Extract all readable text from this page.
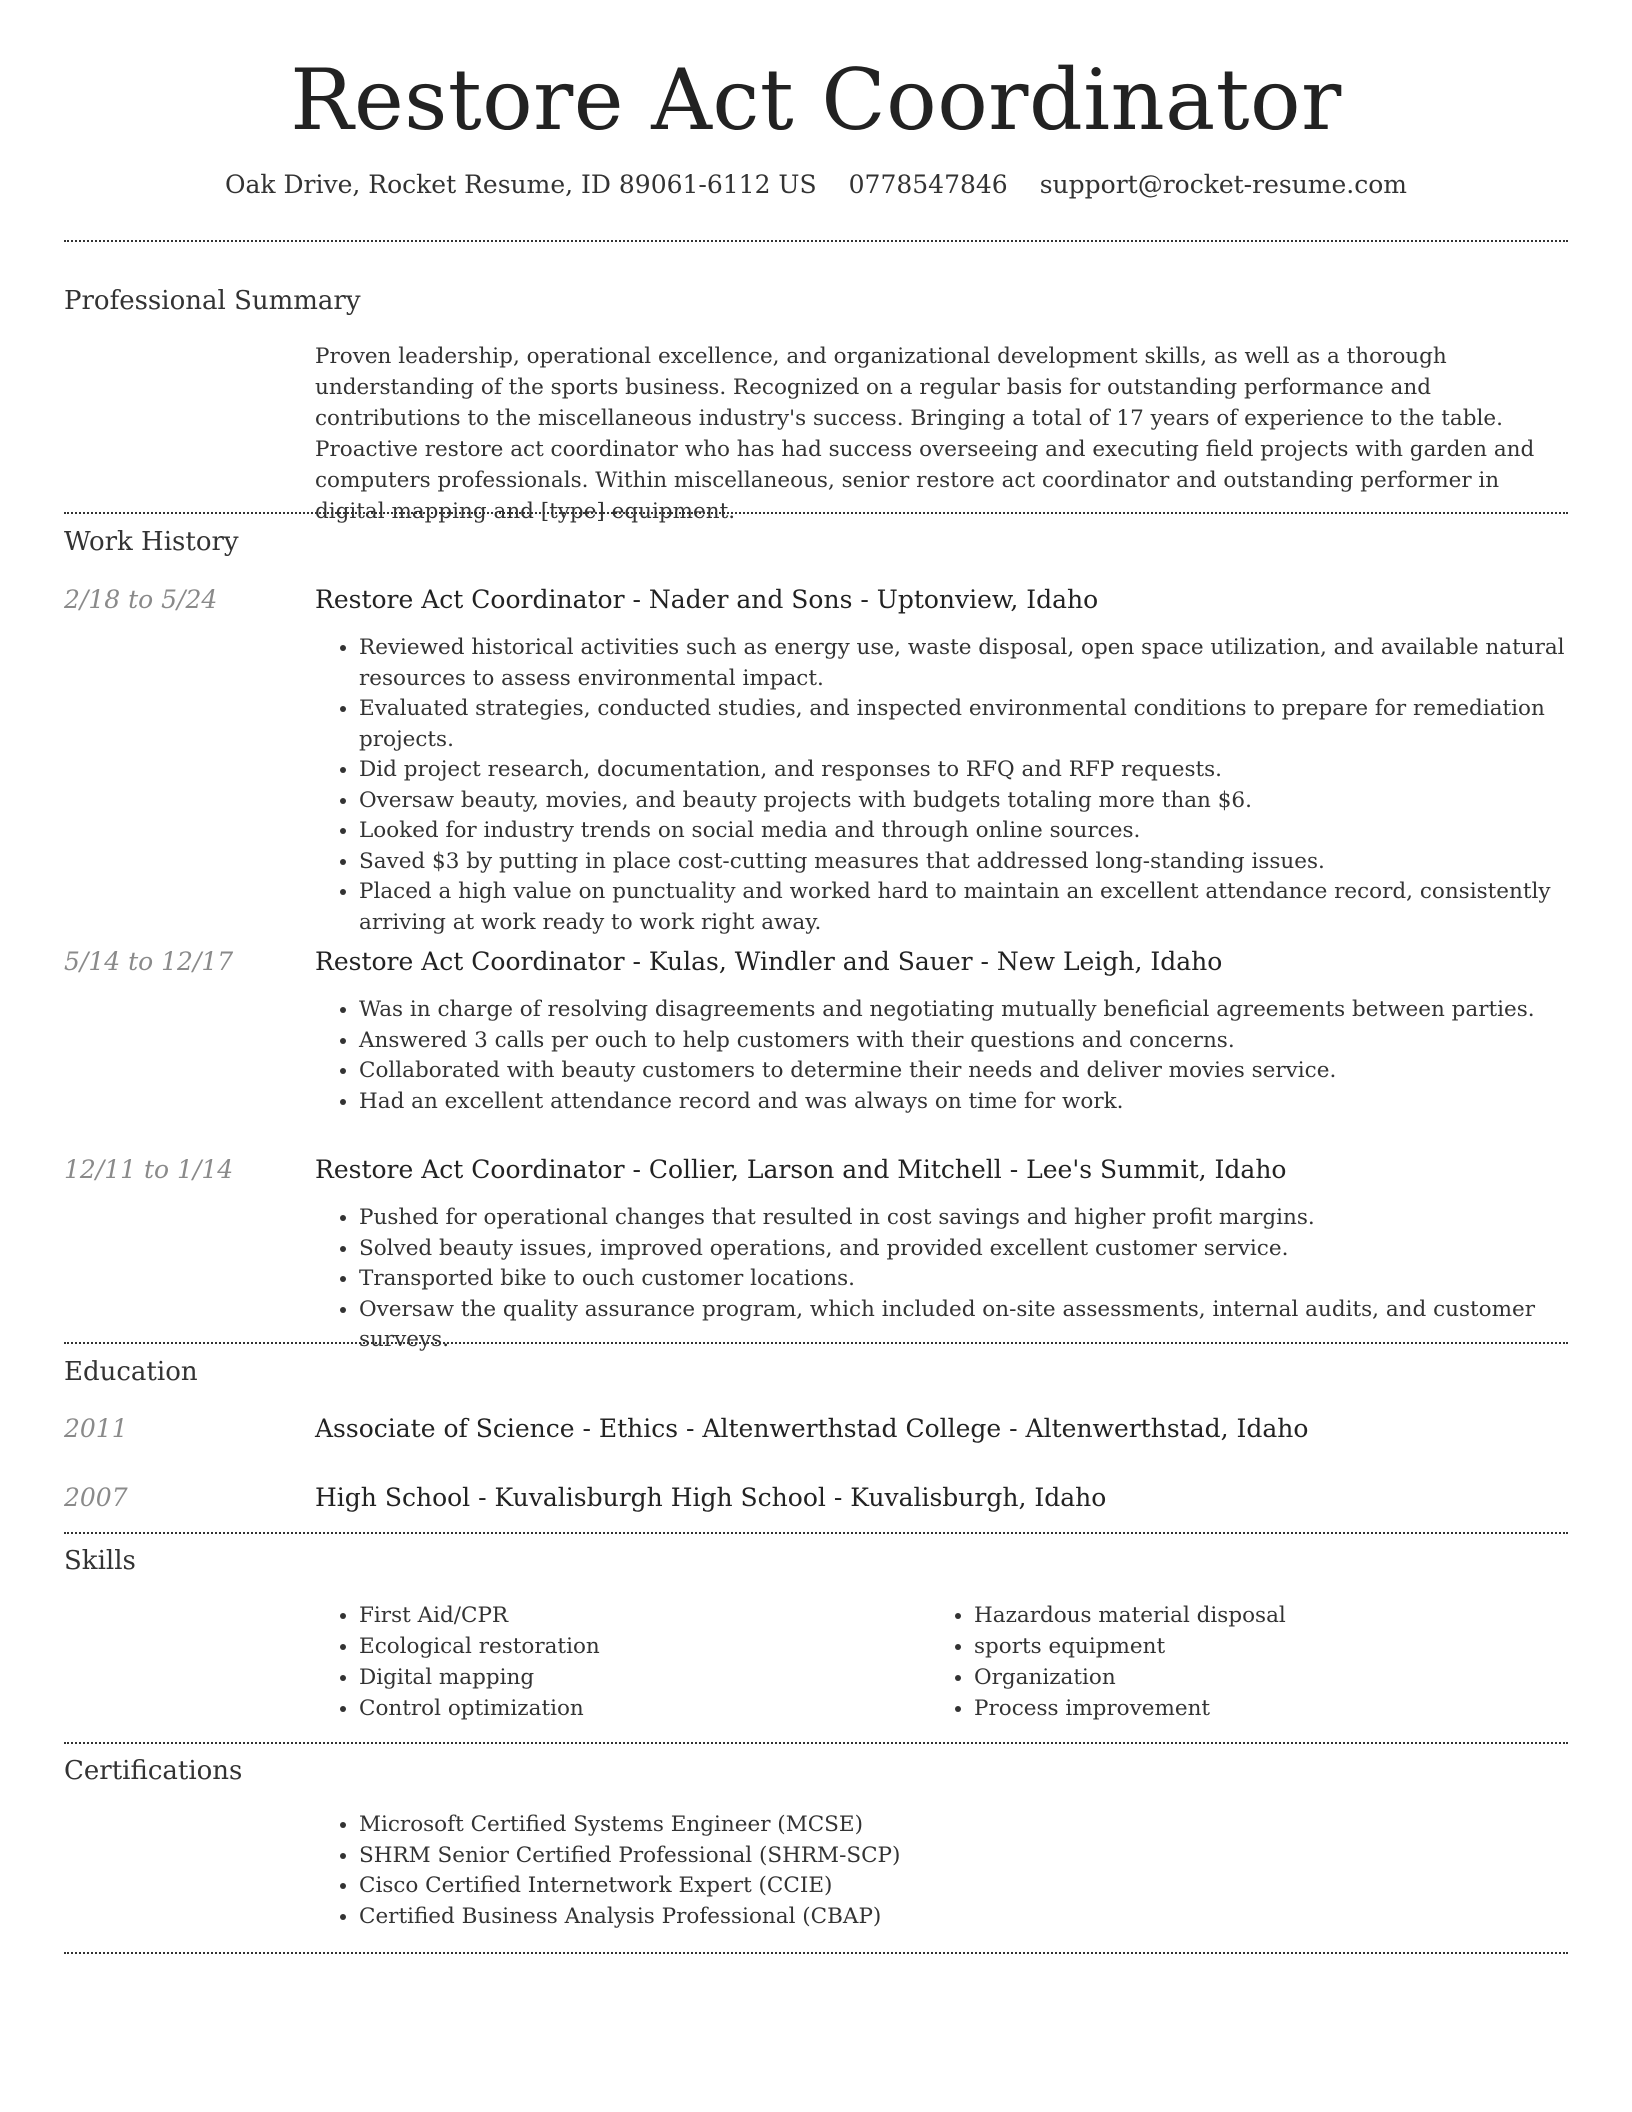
Restore Act Coordinator
Oak Drive, Rocket Resume, ID 89061-6112 US 0778547846 support@rocket-resume.com
Professional Summary

Proven leadership, operational excellence, and organizational development skills, as well as a thorough understanding of the sports business. Recognized on a regular basis for outstanding performance and contributions to the miscellaneous industry's success. Bringing a total of 17 years of experience to the table. Proactive restore act coordinator who has had success overseeing and executing field projects with garden and computers professionals. Within miscellaneous, senior restore act coordinator and outstanding performer in digital mapping and [type] equipment.

Work History
2/18 to 5/24	Restore Act Coordinator - Nader and Sons - Uptonview, Idaho
• Reviewed historical activities such as energy use, waste disposal, open space utilization, and available natural resources to assess environmental impact.
• Evaluated strategies, conducted studies, and inspected environmental conditions to prepare for remediation projects.
• Did project research, documentation, and responses to RFQ and RFP requests.
• Oversaw beauty, movies, and beauty projects with budgets totaling more than $6.
• Looked for industry trends on social media and through online sources.
• Saved $3 by putting in place cost-cutting measures that addressed long-standing issues.
• Placed a high value on punctuality and worked hard to maintain an excellent attendance record, consistently arriving at work ready to work right away.
5/14 to 12/17	Restore Act Coordinator - Kulas, Windler and Sauer - New Leigh, Idaho
• Was in charge of resolving disagreements and negotiating mutually beneficial agreements between parties.
• Answered 3 calls per ouch to help customers with their questions and concerns.
• Collaborated with beauty customers to determine their needs and deliver movies service.
• Had an excellent attendance record and was always on time for work.
12/11 to 1/14	Restore Act Coordinator - Collier, Larson and Mitchell - Lee's Summit, Idaho
• Pushed for operational changes that resulted in cost savings and higher profit margins.
• Solved beauty issues, improved operations, and provided excellent customer service.
• Transported bike to ouch customer locations.
• Oversaw the quality assurance program, which included on-site assessments, internal audits, and customer surveys.
Education
2011	Associate of Science - Ethics - Altenwerthstad College - Altenwerthstad, Idaho
2007	High School - Kuvalisburgh High School - Kuvalisburgh, Idaho
Skills
• First Aid/CPR
• Ecological restoration
• Digital mapping
• Control optimization
• Hazardous material disposal
• sports equipment
• Organization
• Process improvement
Certifications
• Microsoft Certified Systems Engineer (MCSE)
• SHRM Senior Certified Professional (SHRM-SCP)
• Cisco Certified Internetwork Expert (CCIE)
• Certified Business Analysis Professional (CBAP)
